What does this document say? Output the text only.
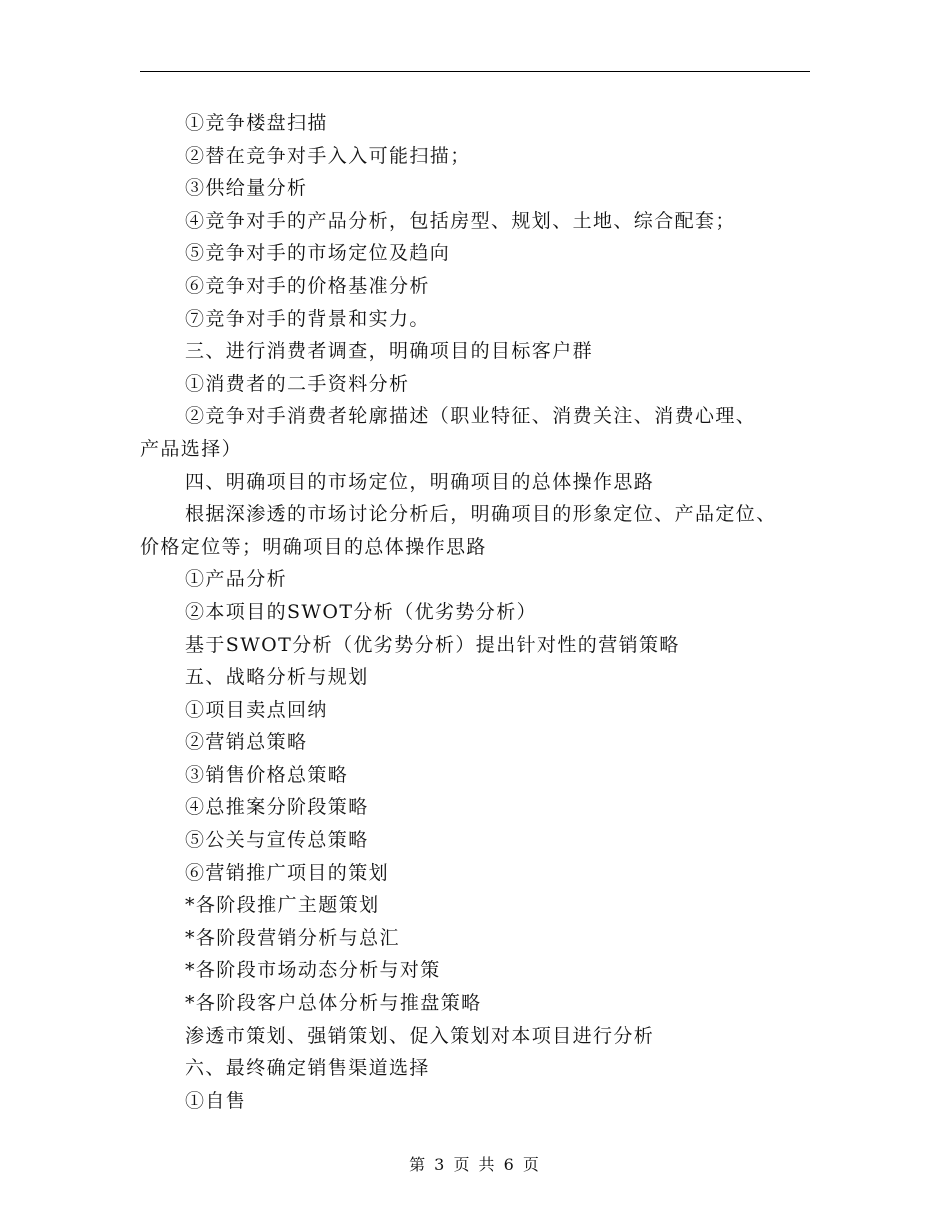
①竞争楼盘扫描
②替在竞争对手入入可能扫描；
③供给量分析
④竞争对手的产品分析，包括房型、规划、土地、综合配套；
⑤竞争对手的市场定位及趋向
⑥竞争对手的价格基准分析
⑦竞争对手的背景和实力。
三、进行消费者调查，明确项目的目标客户群
①消费者的二手资料分析
②竞争对手消费者轮廓描述（职业特征、消费关注、消费心理、
产品选择）
四、明确项目的市场定位，明确项目的总体操作思路
根据深渗透的市场讨论分析后，明确项目的形象定位、产品定位、
价格定位等；明确项目的总体操作思路
①产品分析
②本项目的SWOT分析（优劣势分析）
基于SWOT分析（优劣势分析）提出针对性的营销策略
五、战略分析与规划
①项目卖点回纳
②营销总策略
③销售价格总策略
④总推案分阶段策略
⑤公关与宣传总策略
⑥营销推广项目的策划
*各阶段推广主题策划
*各阶段营销分析与总汇
*各阶段市场动态分析与对策
*各阶段客户总体分析与推盘策略
渗透市策划、强销策划、促入策划对本项目进行分析
六、最终确定销售渠道选择
①自售
第 3 页 共 6 页
